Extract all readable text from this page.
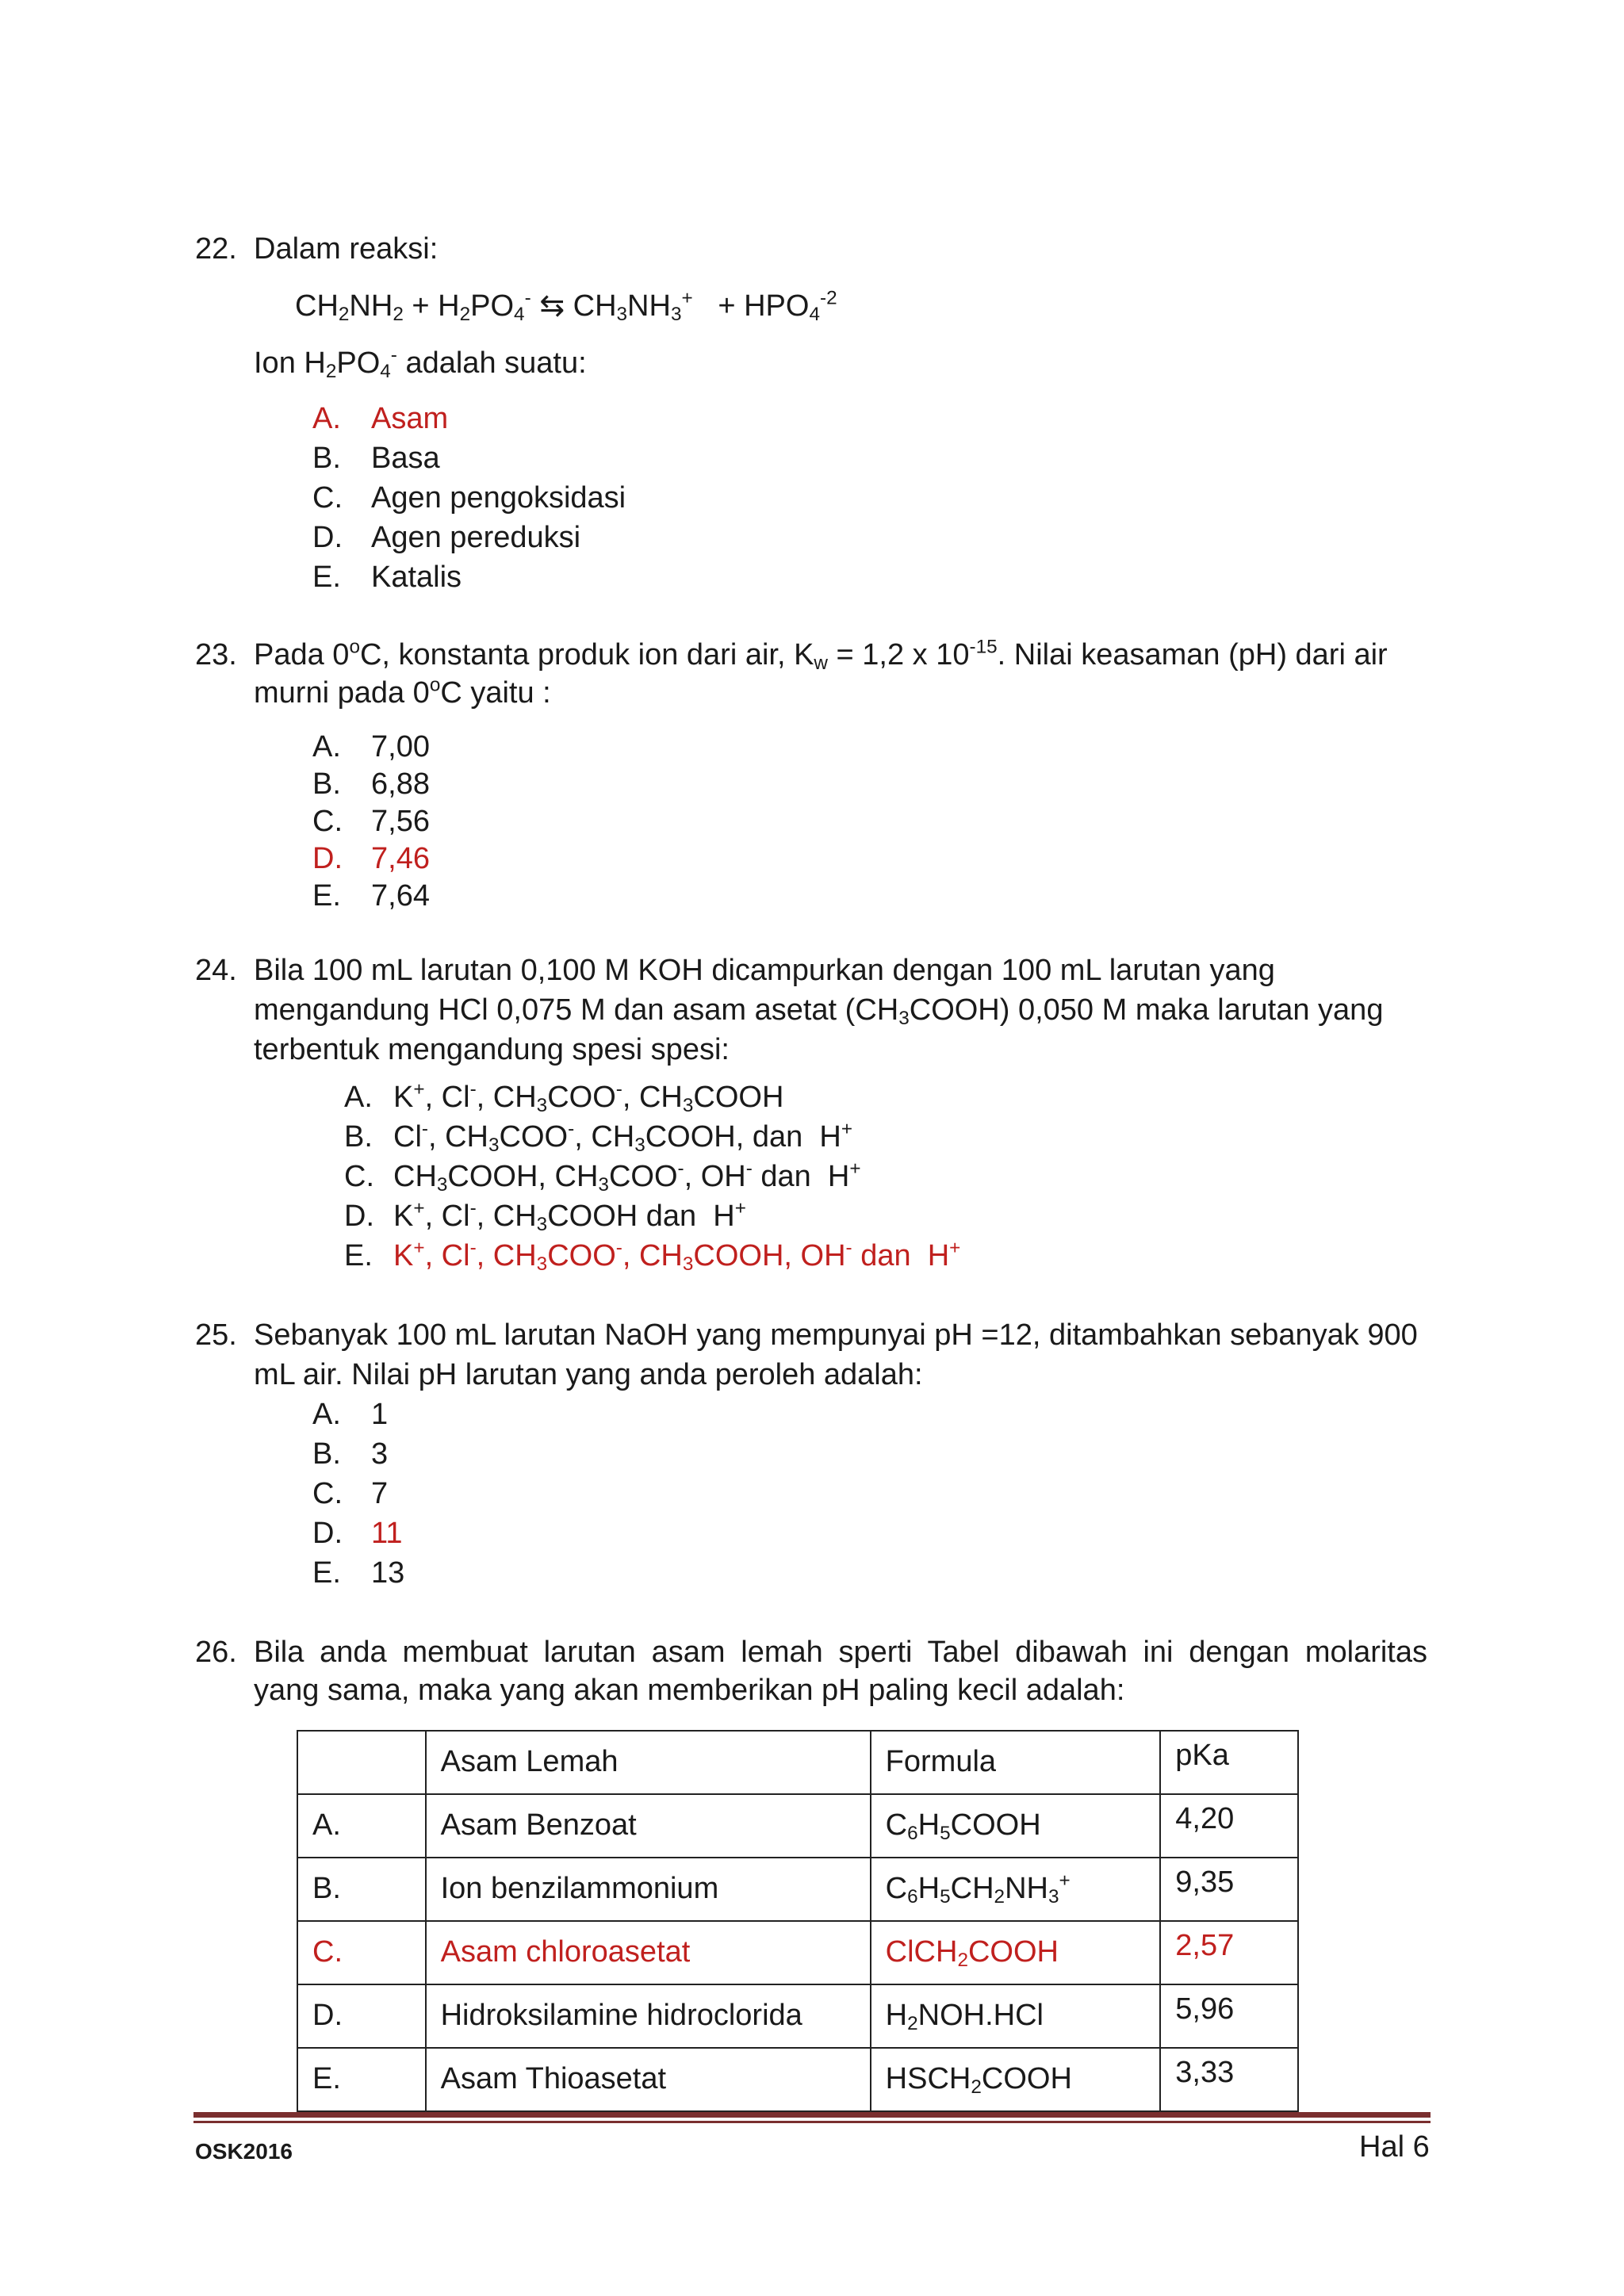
22. Dalam reaksi:
$CH_2NH_2 + H_2PO_4^-$ ⇆ $CH_3NH_3^+ + HPO_4^{-2}$
Ion $H_2PO_4^-$ adalah suatu:
A. Asam
B. Basa
C. Agen pengoksidasi
D. Agen pereduksi
E. Katalis
23. Pada 0$^o$C, konstanta produk ion dari air, $K_w = 1,2$ x $10^{-15}$. Nilai keasaman (pH) dari air
murni pada 0$^o$C yaitu :
A. 7,00
B. 6,88
C. 7,56
D. 7,46
E. 7,64
24. Bila 100 mL larutan 0,100 M KOH dicampurkan dengan 100 mL larutan yang
mengandung HCl 0,075 M dan asam asetat $(CH_3COOH)$ 0,050 M maka larutan yang
terbentuk mengandung spesi spesi:
A. K+, Cl-, $CH_3COO^-$, $CH_3COOH$
B. Cl-, $CH_3COO^-$, $CH_3COOH$, dan  H+
C. $CH_3COOH$, $CH_3COO^-$, OH- dan  H+
D. K+, Cl-, $CH_3COOH$ dan  H+
E. K+, Cl-, $CH_3COO^-$, $CH_3COOH$, OH- dan  H+
25. Sebanyak 100 mL larutan NaOH yang mempunyai pH =12, ditambahkan sebanyak 900
mL air. Nilai pH larutan yang anda peroleh adalah:
A. 1
B. 3
C. 7
D. 11
E. 13
26. Bila anda membuat larutan asam lemah sperti Tabel dibawah ini dengan molaritas
yang sama, maka yang akan memberikan pH paling kecil adalah:
	Asam Lemah	Formula	pKa
A.	Asam Benzoat	$C_6H_5COOH$	4,20
B.	Ion benzilammonium	$C_6H_5CH_2NH_3^+$	9,35
C.	Asam chloroasetat	ClCH$_2$COOH	2,57
D.	Hidroksilamine hidroclorida	$H_2NOH.HCl$	5,96
E.	Asam Thioasetat	$HSCH_2COOH$	3,33
OSK2016	Hal 6
